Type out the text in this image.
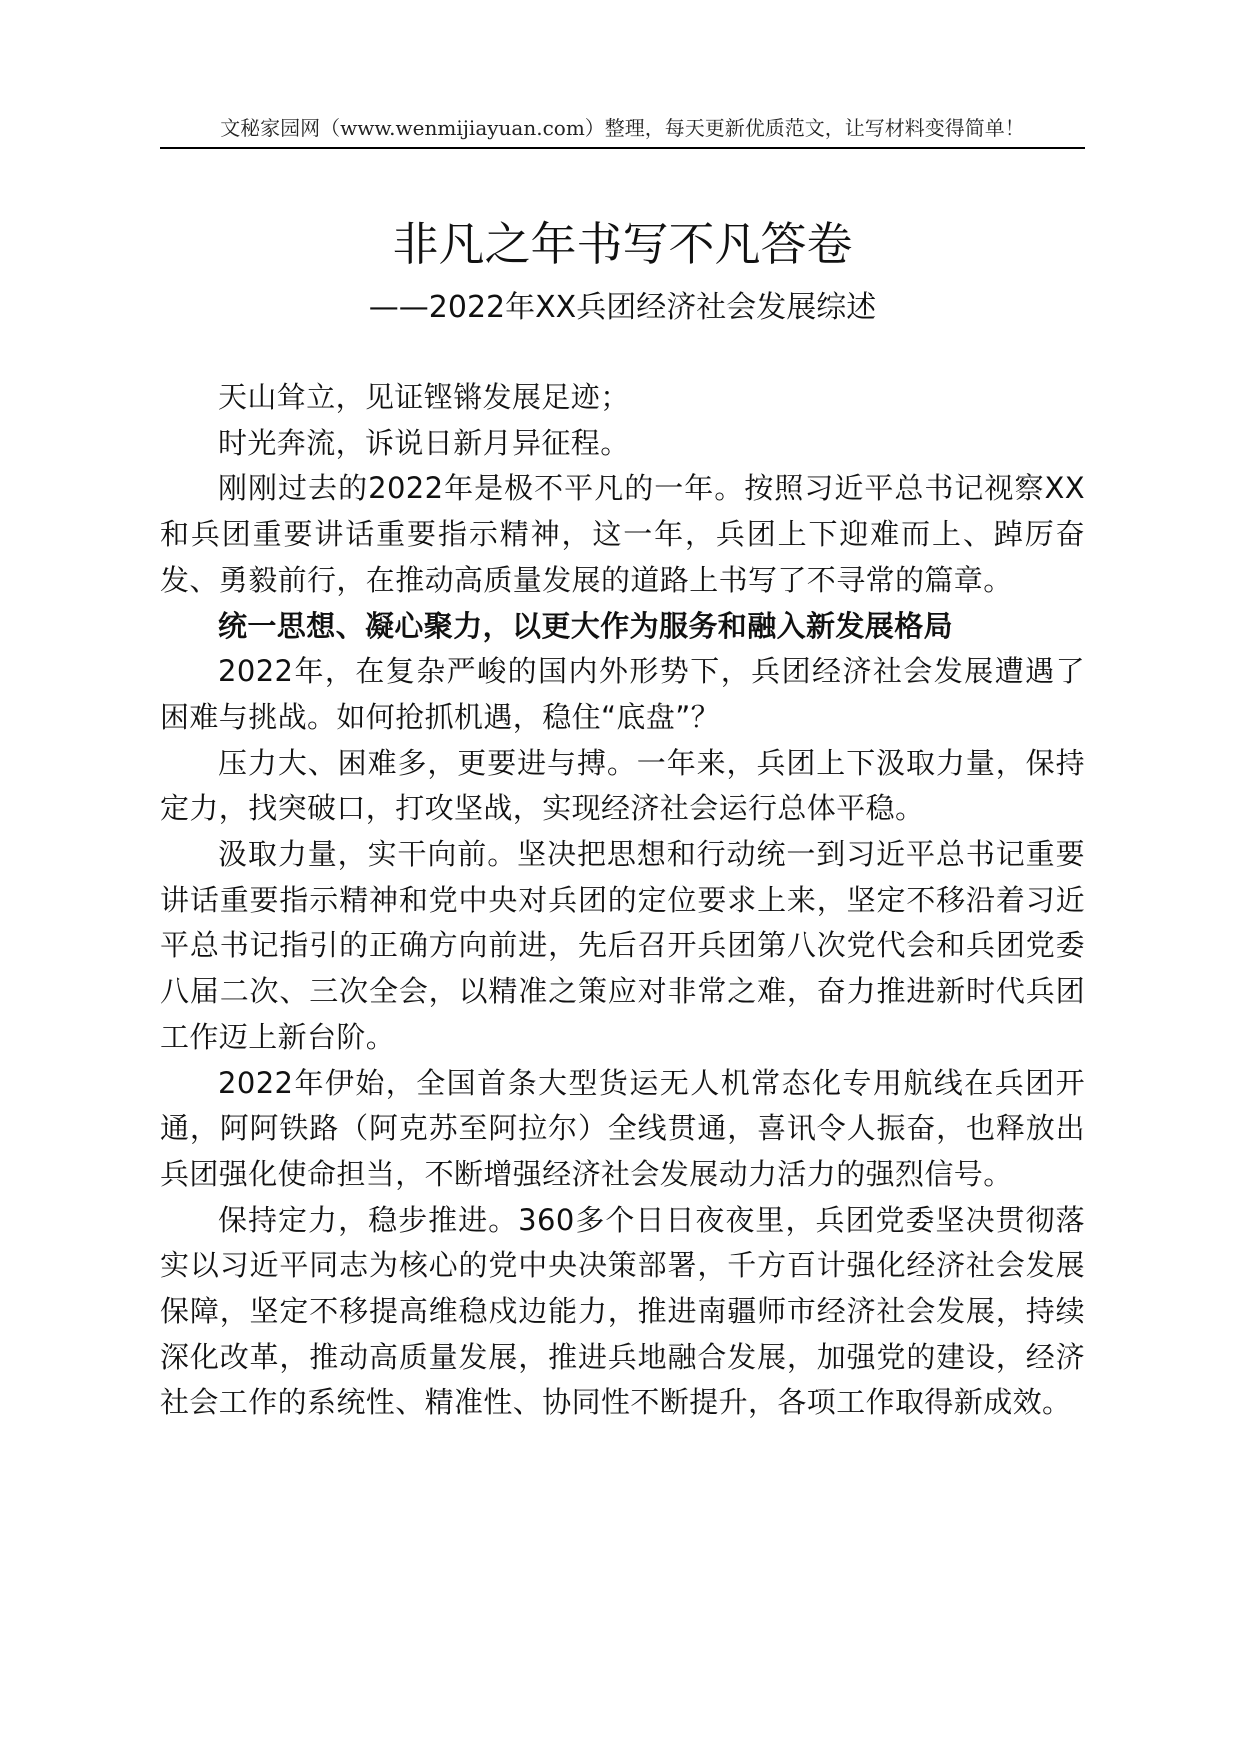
文秘家园网（www.wenmijiayuan.com）整理，每天更新优质范文，让写材料变得简单！
非凡之年书写不凡答卷
——2022年XX兵团经济社会发展综述

天山耸立，见证铿锵发展足迹；

时光奔流，诉说日新月异征程。

刚刚过去的2022年是极不平凡的一年。按照习近平总书记视察XX和兵团重要讲话重要指示精神，这一年，兵团上下迎难而上、踔厉奋发、勇毅前行，在推动高质量发展的道路上书写了不寻常的篇章。

统一思想、凝心聚力，以更大作为服务和融入新发展格局

2022年，在复杂严峻的国内外形势下，兵团经济社会发展遭遇了困难与挑战。如何抢抓机遇，稳住“底盘”？

压力大、困难多，更要进与搏。一年来，兵团上下汲取力量，保持定力，找突破口，打攻坚战，实现经济社会运行总体平稳。

汲取力量，实干向前。坚决把思想和行动统一到习近平总书记重要讲话重要指示精神和党中央对兵团的定位要求上来，坚定不移沿着习近平总书记指引的正确方向前进，先后召开兵团第八次党代会和兵团党委八届二次、三次全会，以精准之策应对非常之难，奋力推进新时代兵团工作迈上新台阶。

2022年伊始，全国首条大型货运无人机常态化专用航线在兵团开通，阿阿铁路（阿克苏至阿拉尔）全线贯通，喜讯令人振奋，也释放出兵团强化使命担当，不断增强经济社会发展动力活力的强烈信号。

保持定力，稳步推进。360多个日日夜夜里，兵团党委坚决贯彻落实以习近平同志为核心的党中央决策部署，千方百计强化经济社会发展保障，坚定不移提高维稳戍边能力，推进南疆师市经济社会发展，持续深化改革，推动高质量发展，推进兵地融合发展，加强党的建设，经济社会工作的系统性、精准性、协同性不断提升，各项工作取得新成效。
